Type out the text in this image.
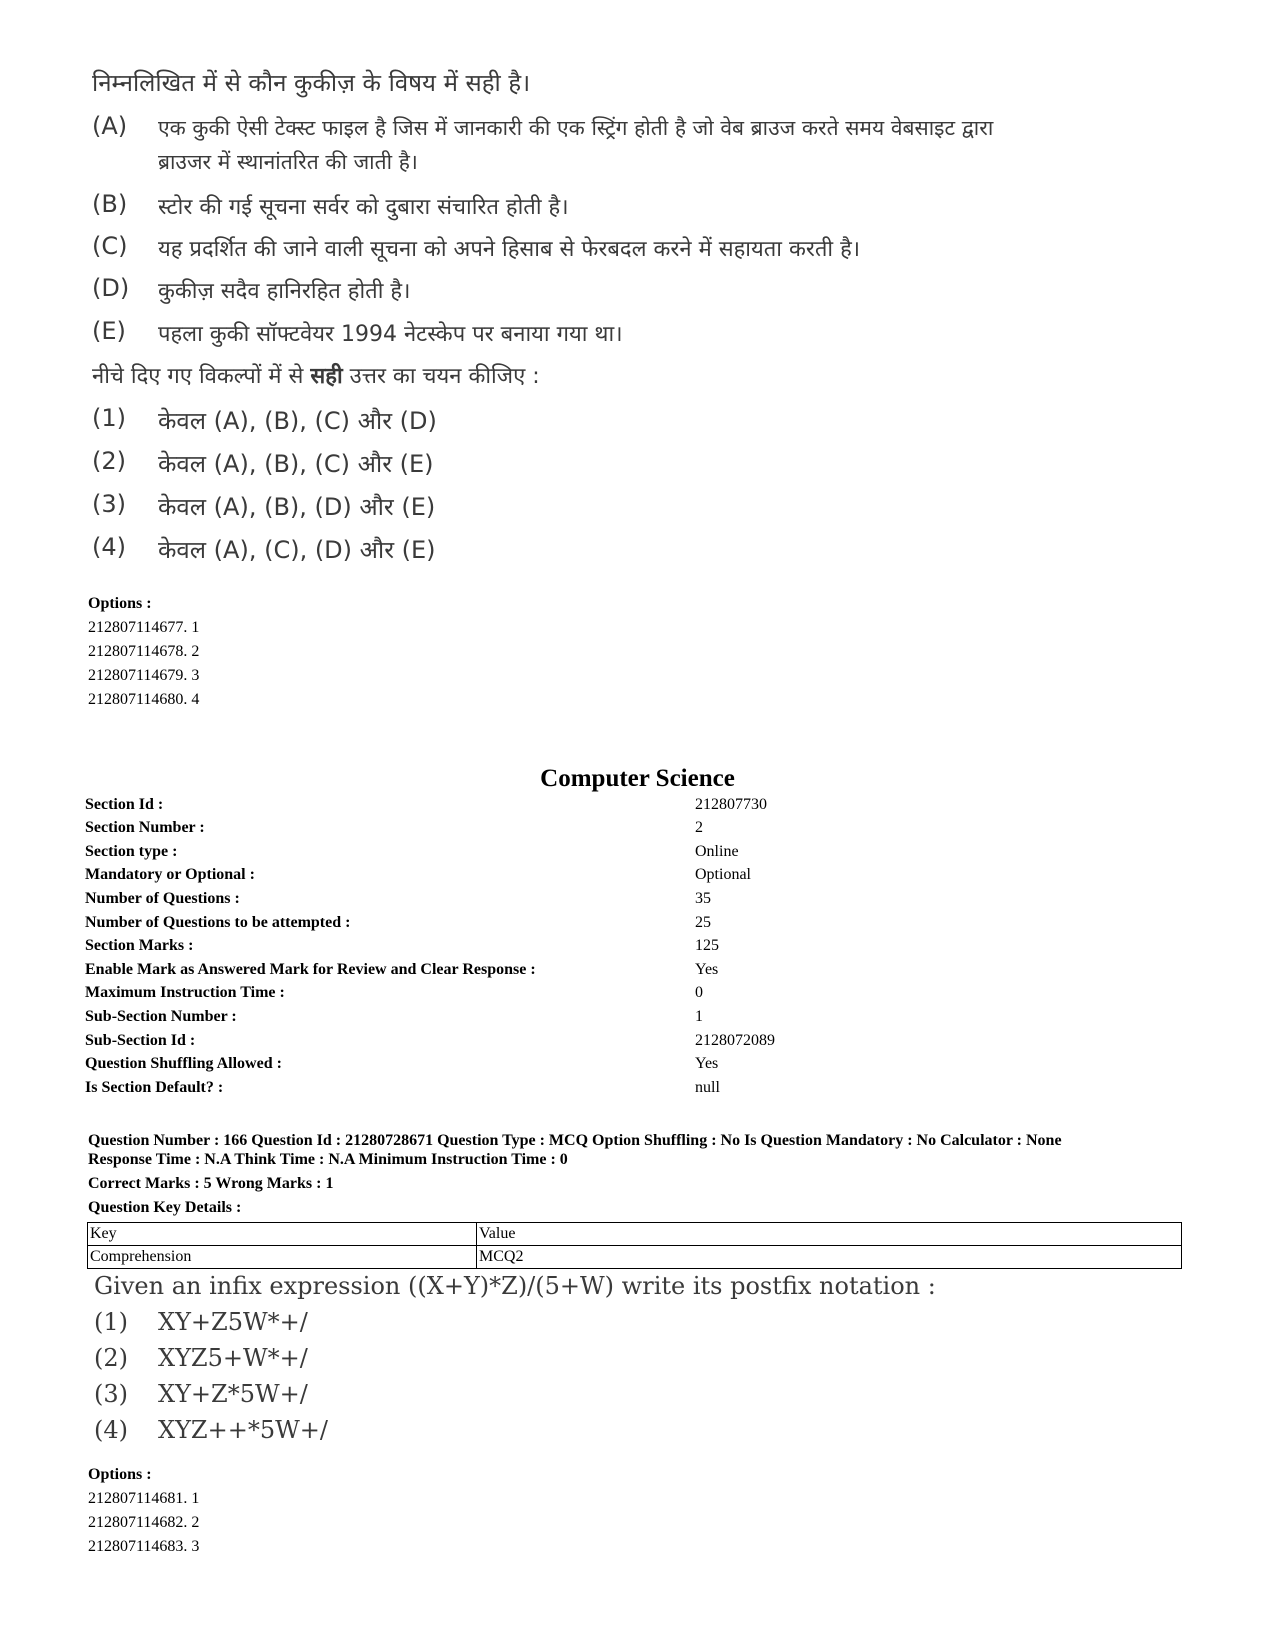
निम्नलिखित में से कौन कुकीज़ के विषय में सही है।
(A) एक कुकी ऐसी टेक्स्ट फाइल है जिस में जानकारी की एक स्ट्रिंग होती है जो वेब ब्राउज करते समय वेबसाइट द्वारा
ब्राउजर में स्थानांतरित की जाती है।
(B) स्टोर की गई सूचना सर्वर को दुबारा संचारित होती है।
(C) यह प्रदर्शित की जाने वाली सूचना को अपने हिसाब से फेरबदल करने में सहायता करती है।
(D) कुकीज़ सदैव हानिरहित होती है।
(E) पहला कुकी सॉफ्टवेयर 1994 नेटस्केप पर बनाया गया था।
नीचे दिए गए विकल्पों में से सही उत्तर का चयन कीजिए :
(1) केवल (A), (B), (C) और (D)
(2) केवल (A), (B), (C) और (E)
(3) केवल (A), (B), (D) और (E)
(4) केवल (A), (C), (D) और (E)
Options :
212807114677. 1
212807114678. 2
212807114679. 3
212807114680. 4
Computer Science
Section Id :	212807730
Section Number :	2
Section type :	Online
Mandatory or Optional :	Optional
Number of Questions :	35
Number of Questions to be attempted :	25
Section Marks :	125
Enable Mark as Answered Mark for Review and Clear Response :	Yes
Maximum Instruction Time :	0
Sub-Section Number :	1
Sub-Section Id :	2128072089
Question Shuffling Allowed :	Yes
Is Section Default? :	null
Question Number : 166 Question Id : 21280728671 Question Type : MCQ Option Shuffling : No Is Question Mandatory : No Calculator : None
Response Time : N.A Think Time : N.A Minimum Instruction Time : 0
Correct Marks : 5 Wrong Marks : 1
Question Key Details :
Key	Value
Comprehension	MCQ2
Given an infix expression ((X+Y)*Z)/(5+W) write its postfix notation :
(1) XY+Z5W*+/
(2) XYZ5+W*+/
(3) XY+Z*5W+/
(4) XYZ++*5W+/
Options :
212807114681. 1
212807114682. 2
212807114683. 3
